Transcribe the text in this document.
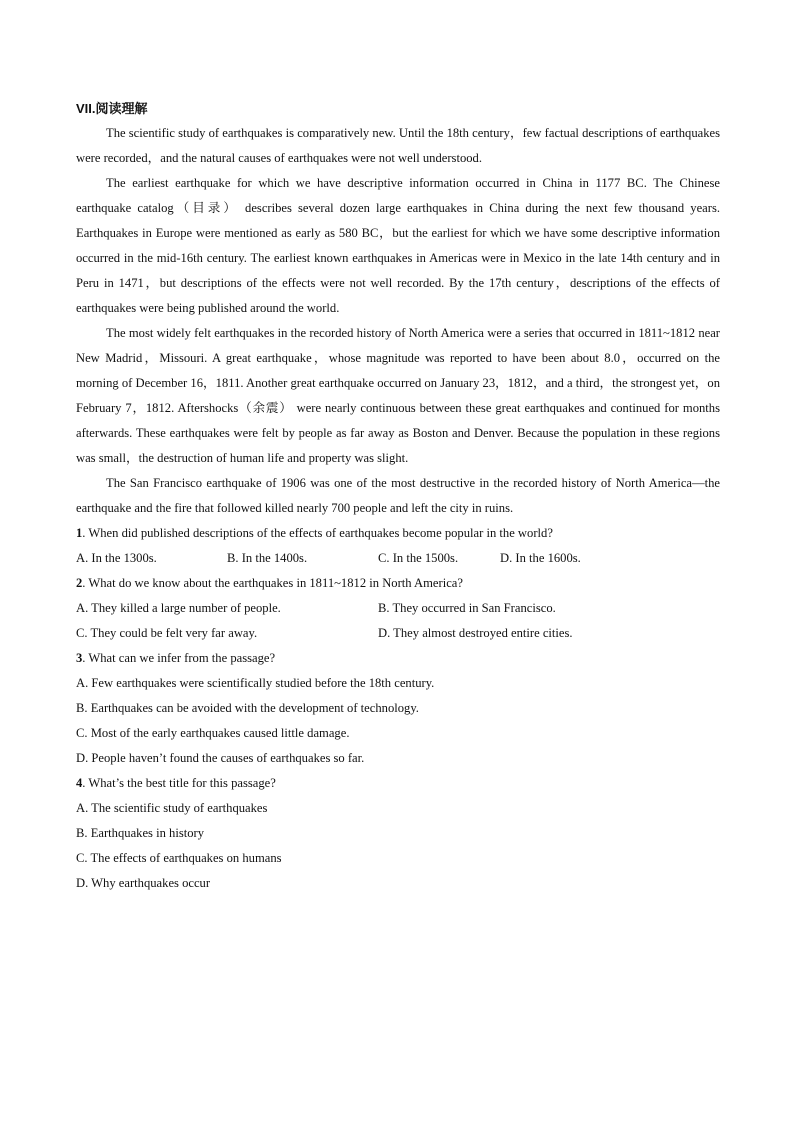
VII.阅读理解

The scientific study of earthquakes is comparatively new. Until the 18th century，few factual descriptions of earthquakes were recorded，and the natural causes of earthquakes were not well understood.

The earliest earthquake for which we have descriptive information occurred in China in 1177 BC. The Chinese earthquake catalog（目录） describes several dozen large earthquakes in China during the next few thousand years. Earthquakes in Europe were mentioned as early as 580 BC，but the earliest for which we have some descriptive information occurred in the mid-16th century. The earliest known earthquakes in Americas were in Mexico in the late 14th century and in Peru in 1471，but descriptions of the effects were not well recorded. By the 17th century，descriptions of the effects of earthquakes were being published around the world.

The most widely felt earthquakes in the recorded history of North America were a series that occurred in 1811~1812 near New Madrid，Missouri. A great earthquake，whose magnitude was reported to have been about 8.0，occurred on the morning of December 16，1811. Another great earthquake occurred on January 23，1812，and a third，the strongest yet，on February 7，1812. Aftershocks（余震） were nearly continuous between these great earthquakes and continued for months afterwards. These earthquakes were felt by people as far away as Boston and Denver. Because the population in these regions was small，the destruction of human life and property was slight.

The San Francisco earthquake of 1906 was one of the most destructive in the recorded history of North America—the earthquake and the fire that followed killed nearly 700 people and left the city in ruins.

1. When did published descriptions of the effects of earthquakes become popular in the world?
A. In the 1300s.	B. In the 1400s.	C. In the 1500s.	D. In the 1600s.
2. What do we know about the earthquakes in 1811~1812 in North America?
A. They killed a large number of people.	B. They occurred in San Francisco.
C. They could be felt very far away.	D. They almost destroyed entire cities.
3. What can we infer from the passage?
A. Few earthquakes were scientifically studied before the 18th century.
B. Earthquakes can be avoided with the development of technology.
C. Most of the early earthquakes caused little damage.
D. People haven’t found the causes of earthquakes so far.
4. What’s the best title for this passage?
A. The scientific study of earthquakes
B. Earthquakes in history
C. The effects of earthquakes on humans
D. Why earthquakes occur
